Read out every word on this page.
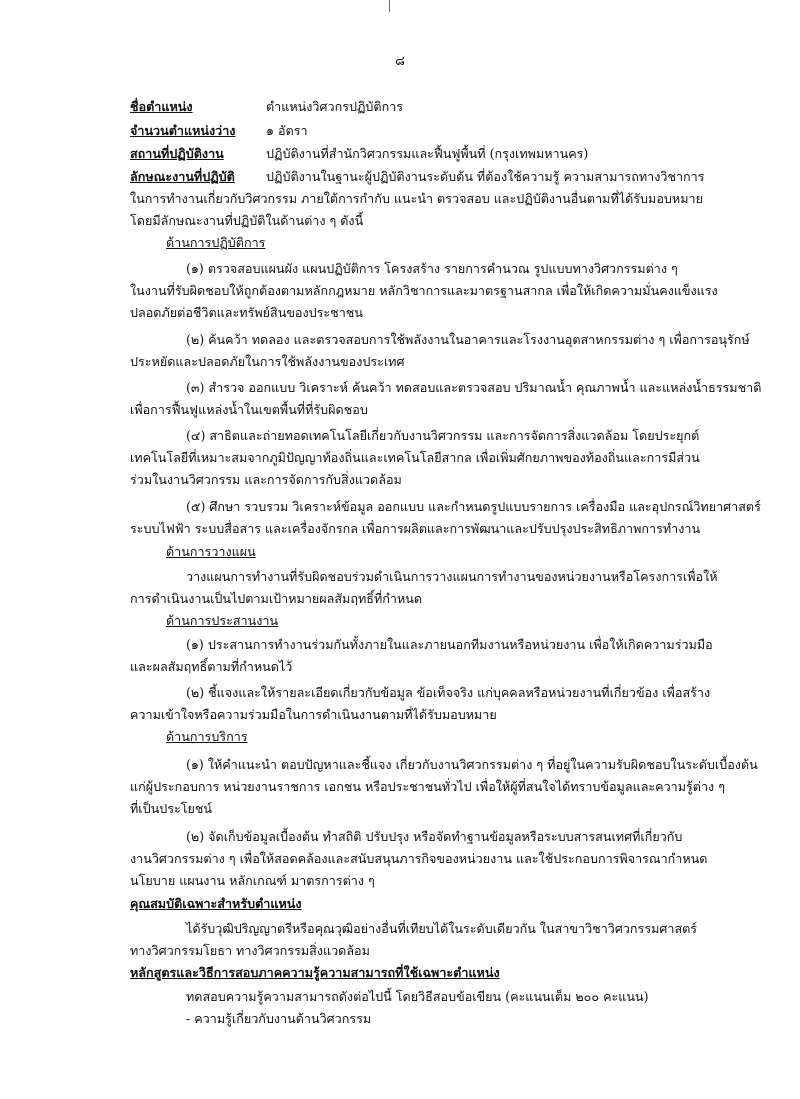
๘
ชื่อตำแหน่ง	ตำแหน่งวิศวกรปฏิบัติการ
จำนวนตำแหน่งว่าง ๑ อัตรา
สถานที่ปฏิบัติงาน	ปฏิบัติงานที่สำนักวิศวกรรมและฟื้นฟูพื้นที่ (กรุงเทพมหานคร)
ลักษณะงานที่ปฏิบัติ ปฏิบัติงานในฐานะผู้ปฏิบัติงานระดับต้น ที่ต้องใช้ความรู้ ความสามารถทางวิชาการ
ในการทำงานเกี่ยวกับวิศวกรรม ภายใต้การกำกับ แนะนำ ตรวจสอบ และปฏิบัติงานอื่นตามที่ได้รับมอบหมาย
โดยมีลักษณะงานที่ปฏิบัติในด้านต่าง ๆ ดังนี้
ด้านการปฏิบัติการ
(๑) ตรวจสอบแผนผัง แผนปฏิบัติการ โครงสร้าง รายการคำนวณ รูปแบบทางวิศวกรรมต่าง ๆ
ในงานที่รับผิดชอบให้ถูกต้องตามหลักกฎหมาย หลักวิชาการและมาตรฐานสากล เพื่อให้เกิดความมั่นคงแข็งแรง
ปลอดภัยต่อชีวิตและทรัพย์สินของประชาชน
(๒) ค้นคว้า ทดลอง และตรวจสอบการใช้พลังงานในอาคารและโรงงานอุตสาหกรรมต่าง ๆ เพื่อการอนุรักษ์
ประหยัดและปลอดภัยในการใช้พลังงานของประเทศ
(๓) สำรวจ ออกแบบ วิเคราะห์ ค้นคว้า ทดสอบและตรวจสอบ ปริมาณน้ำ คุณภาพน้ำ และแหล่งน้ำธรรมชาติ
เพื่อการฟื้นฟูแหล่งน้ำในเขตพื้นที่ที่รับผิดชอบ
(๔) สาธิตและถ่ายทอดเทคโนโลยีเกี่ยวกับงานวิศวกรรม และการจัดการสิ่งแวดล้อม โดยประยุกต์
เทคโนโลยีที่เหมาะสมจากภูมิปัญญาท้องถิ่นและเทคโนโลยีสากล เพื่อเพิ่มศักยภาพของท้องถิ่นและการมีส่วน
ร่วมในงานวิศวกรรม และการจัดการกับสิ่งแวดล้อม
(๕) ศึกษา รวบรวม วิเคราะห์ข้อมูล ออกแบบ และกำหนดรูปแบบรายการ เครื่องมือ และอุปกรณ์วิทยาศาสตร์
ระบบไฟฟ้า ระบบสื่อสาร และเครื่องจักรกล เพื่อการผลิตและการพัฒนาและปรับปรุงประสิทธิภาพการทำงาน
ด้านการวางแผน
วางแผนการทำงานที่รับผิดชอบร่วมดำเนินการวางแผนการทำงานของหน่วยงานหรือโครงการเพื่อให้
การดำเนินงานเป็นไปตามเป้าหมายผลสัมฤทธิ์ที่กำหนด
ด้านการประสานงาน
(๑) ประสานการทำงานร่วมกันทั้งภายในและภายนอกทีมงานหรือหน่วยงาน เพื่อให้เกิดความร่วมมือ
และผลสัมฤทธิ์ตามที่กำหนดไว้
(๒) ชี้แจงและให้รายละเอียดเกี่ยวกับข้อมูล ข้อเท็จจริง แก่บุคคลหรือหน่วยงานที่เกี่ยวข้อง เพื่อสร้าง
ความเข้าใจหรือความร่วมมือในการดำเนินงานตามที่ได้รับมอบหมาย
ด้านการบริการ
(๑) ให้คำแนะนำ ตอบปัญหาและชี้แจง เกี่ยวกับงานวิศวกรรมต่าง ๆ ที่อยู่ในความรับผิดชอบในระดับเบื้องต้น
แก่ผู้ประกอบการ หน่วยงานราชการ เอกชน หรือประชาชนทั่วไป เพื่อให้ผู้ที่สนใจได้ทราบข้อมูลและความรู้ต่าง ๆ
ที่เป็นประโยชน์
(๒) จัดเก็บข้อมูลเบื้องต้น ทำสถิติ ปรับปรุง หรือจัดทำฐานข้อมูลหรือระบบสารสนเทศที่เกี่ยวกับ
งานวิศวกรรมต่าง ๆ เพื่อให้สอดคล้องและสนับสนุนภารกิจของหน่วยงาน และใช้ประกอบการพิจารณากำหนด
นโยบาย แผนงาน หลักเกณฑ์ มาตรการต่าง ๆ
คุณสมบัติเฉพาะสำหรับตำแหน่ง
ได้รับวุฒิปริญญาตรีหรือคุณวุฒิอย่างอื่นที่เทียบได้ในระดับเดียวกัน ในสาขาวิชาวิศวกรรมศาสตร์
ทางวิศวกรรมโยธา ทางวิศวกรรมสิ่งแวดล้อม
หลักสูตรและวิธีการสอบภาคความรู้ความสามารถที่ใช้เฉพาะตำแหน่ง
ทดสอบความรู้ความสามารถดังต่อไปนี้ โดยวิธีสอบข้อเขียน (คะแนนเต็ม ๒๐๐ คะแนน)
- ความรู้เกี่ยวกับงานด้านวิศวกรรม
